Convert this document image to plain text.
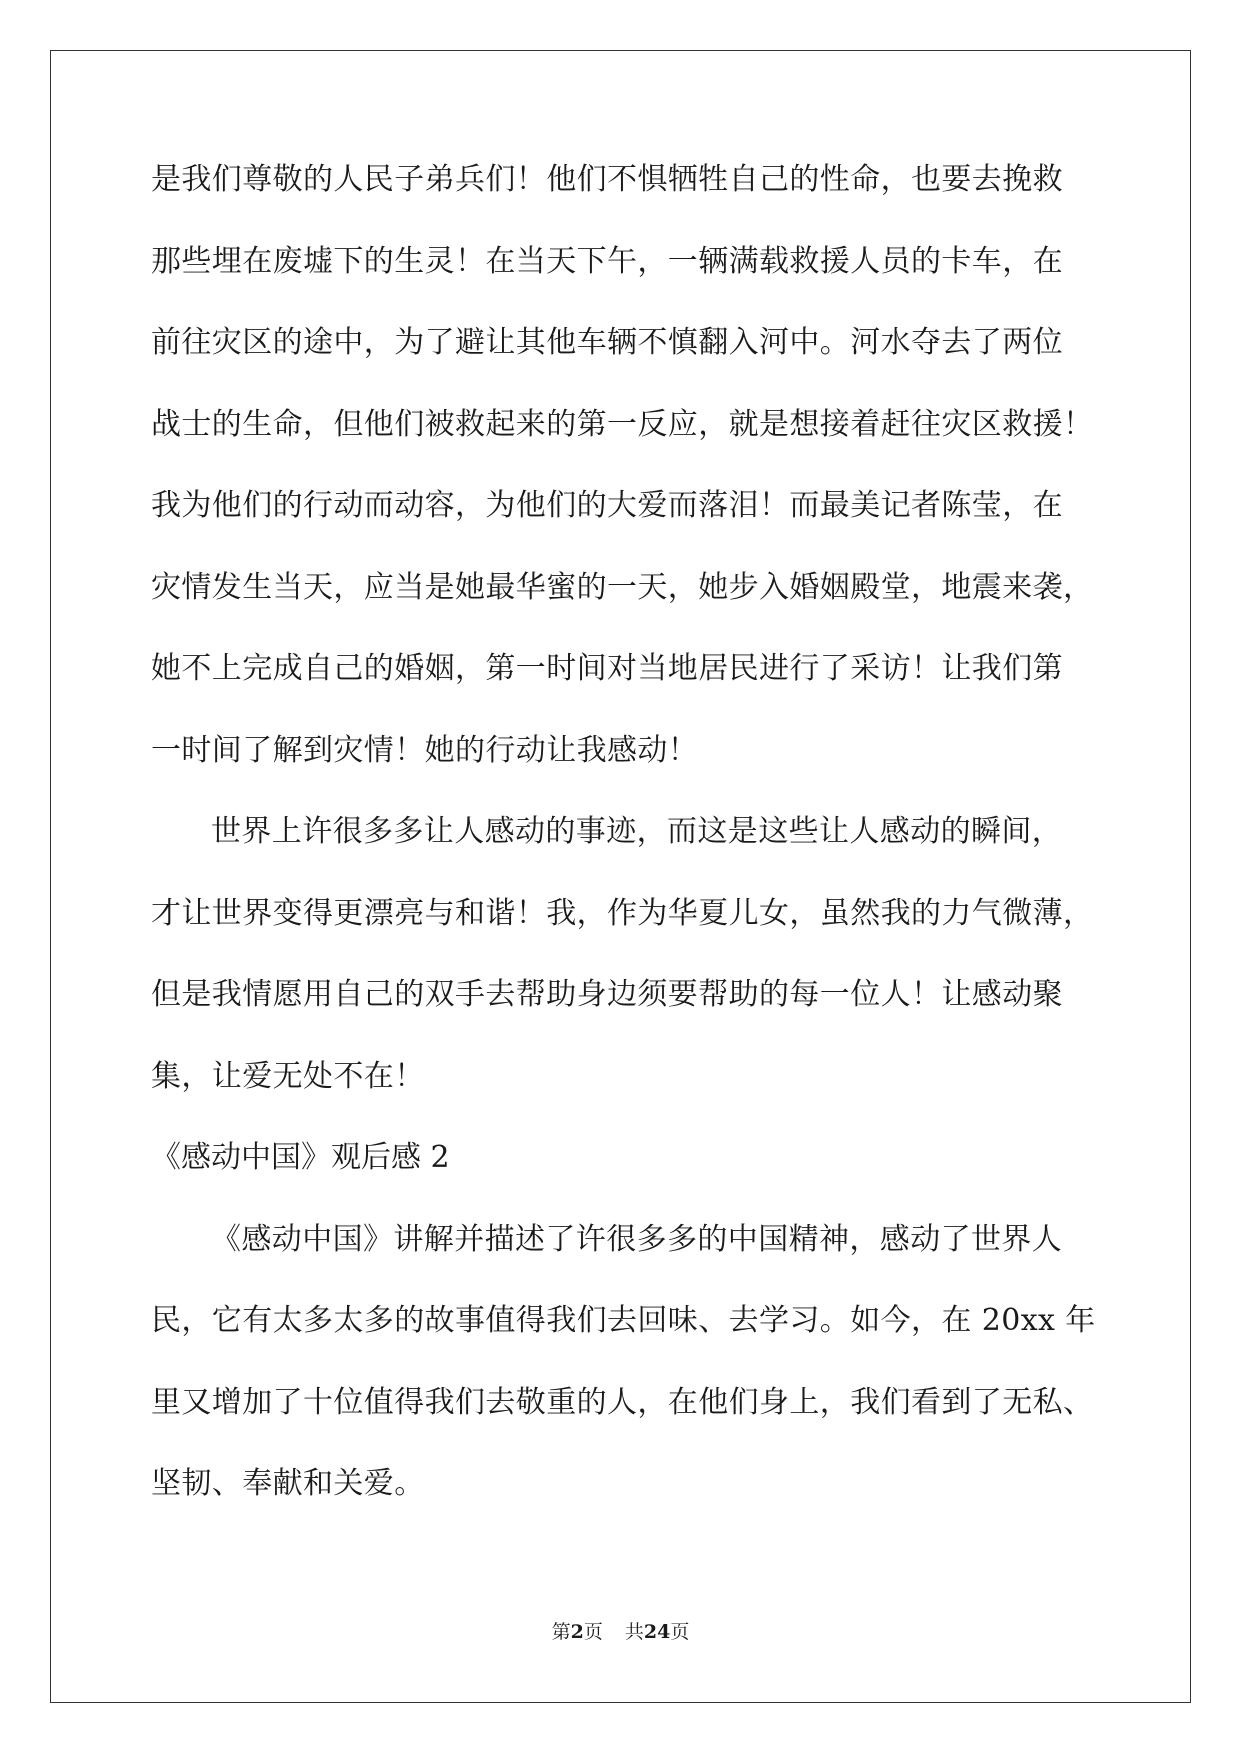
是我们尊敬的人民子弟兵们！他们不惧牺牲自己的性命，也要去挽救
那些埋在废墟下的生灵！在当天下午，一辆满载救援人员的卡车，在
前往灾区的途中，为了避让其他车辆不慎翻入河中。河水夺去了两位
战士的生命，但他们被救起来的第一反应，就是想接着赶往灾区救援！
我为他们的行动而动容，为他们的大爱而落泪！而最美记者陈莹，在
灾情发生当天，应当是她最华蜜的一天，她步入婚姻殿堂，地震来袭，
她不上完成自己的婚姻，第一时间对当地居民进行了采访！让我们第
一时间了解到灾情！她的行动让我感动！
世界上许很多多让人感动的事迹，而这是这些让人感动的瞬间，
才让世界变得更漂亮与和谐！我，作为华夏儿女，虽然我的力气微薄，
但是我情愿用自己的双手去帮助身边须要帮助的每一位人！让感动聚
集，让爱无处不在！
《感动中国》观后感 2
《感动中国》讲解并描述了许很多多的中国精神，感动了世界人
民，它有太多太多的故事值得我们去回味、去学习。如今，在 20xx 年
里又增加了十位值得我们去敬重的人，在他们身上，我们看到了无私、
坚韧、奉献和关爱。
第2页 共24页
